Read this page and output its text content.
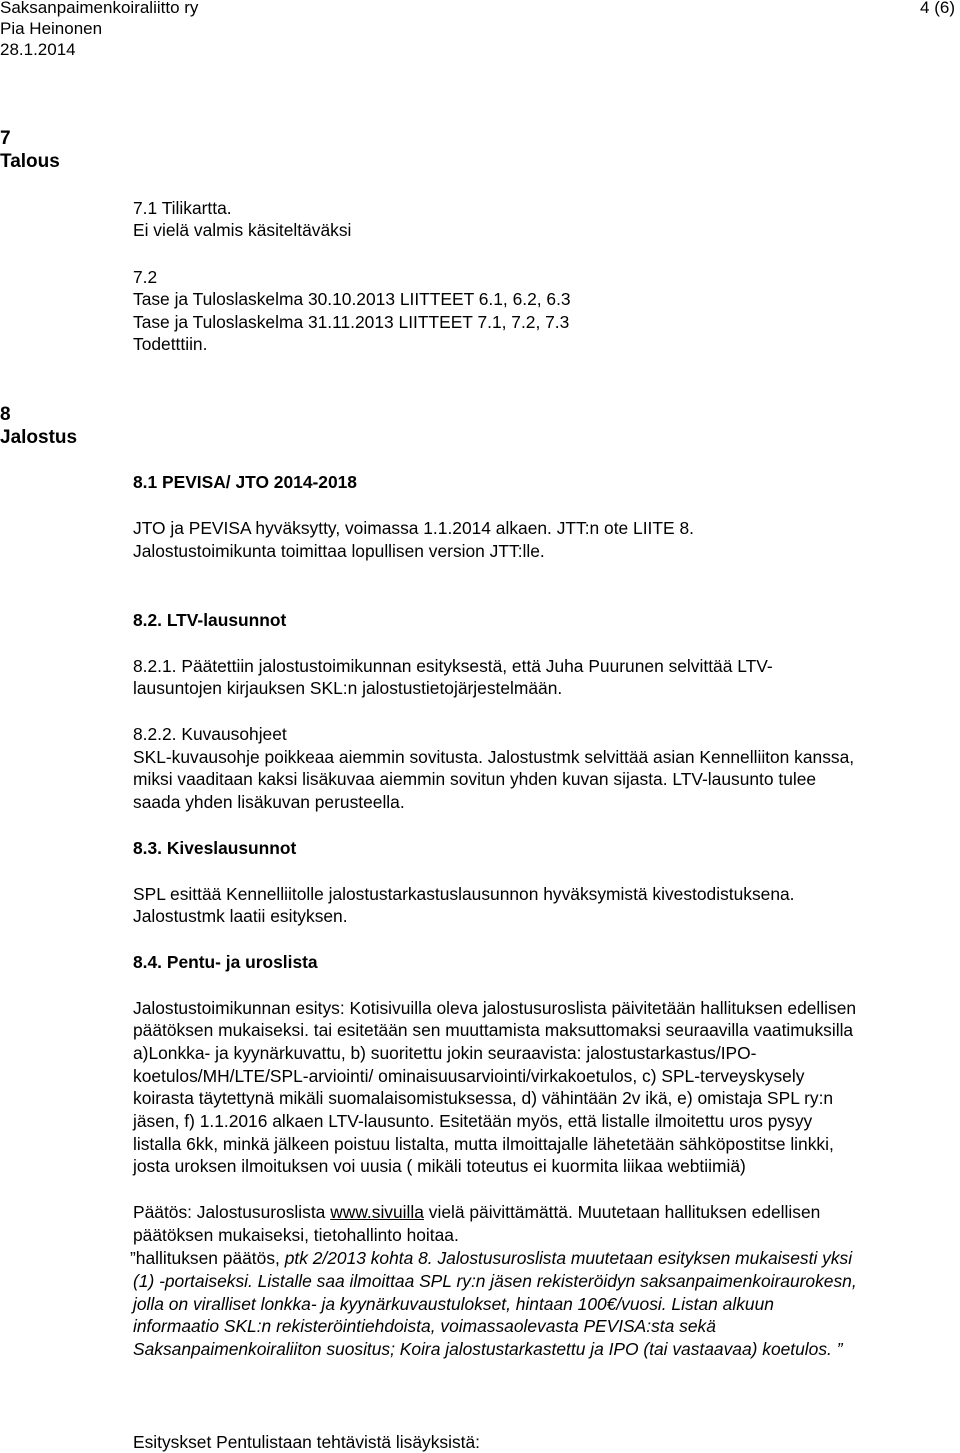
Saksanpaimenkoiraliitto ry
Pia Heinonen
28.1.2014
4 (6)
7
Talous
7.1 Tilikartta.
Ei vielä valmis käsiteltäväksi
7.2
Tase ja Tuloslaskelma 30.10.2013 LIITTEET 6.1, 6.2, 6.3
Tase ja Tuloslaskelma 31.11.2013 LIITTEET 7.1, 7.2, 7.3
Todetttiin.
8
Jalostus
8.1 PEVISA/ JTO 2014-2018
JTO ja PEVISA hyväksytty, voimassa 1.1.2014 alkaen. JTT:n ote LIITE 8.
Jalostustoimikunta toimittaa lopullisen version JTT:lle.
8.2. LTV-lausunnot
8.2.1. Päätettiin jalostustoimikunnan esityksestä, että Juha Puurunen selvittää LTV-
lausuntojen kirjauksen SKL:n jalostustietojärjestelmään.
8.2.2. Kuvausohjeet
SKL-kuvausohje poikkeaa aiemmin sovitusta. Jalostustmk selvittää asian Kennelliiton kanssa,
miksi vaaditaan kaksi lisäkuvaa aiemmin sovitun yhden kuvan sijasta. LTV-lausunto tulee
saada yhden lisäkuvan perusteella.
8.3. Kiveslausunnot
SPL esittää Kennelliitolle jalostustarkastuslausunnon hyväksymistä kivestodistuksena.
Jalostustmk laatii esityksen.
8.4. Pentu- ja uroslista
Jalostustoimikunnan esitys: Kotisivuilla oleva jalostusuroslista päivitetään hallituksen edellisen
päätöksen mukaiseksi. tai esitetään sen muuttamista maksuttomaksi seuraavilla vaatimuksilla
a)Lonkka- ja kyynärkuvattu, b) suoritettu jokin seuraavista: jalostustarkastus/IPO-
koetulos/MH/LTE/SPL-arviointi/ ominaisuusarviointi/virkakoetulos, c) SPL-terveyskysely
koirasta täytettynä mikäli suomalaisomistuksessa, d) vähintään 2v ikä, e) omistaja SPL ry:n
jäsen, f) 1.1.2016 alkaen LTV-lausunto. Esitetään myös, että listalle ilmoitettu uros pysyy
listalla 6kk, minkä jälkeen poistuu listalta, mutta ilmoittajalle lähetetään sähköpostitse linkki,
josta uroksen ilmoituksen voi uusia ( mikäli toteutus ei kuormita liikaa webtiimiä)
Päätös: Jalostusuroslista www.sivuilla vielä päivittämättä. Muutetaan hallituksen edellisen
päätöksen mukaiseksi, tietohallinto hoitaa.
”hallituksen päätös, ptk 2/2013 kohta 8. Jalostusuroslista muutetaan esityksen mukaisesti yksi
(1) -portaiseksi. Listalle saa ilmoittaa SPL ry:n jäsen rekisteröidyn saksanpaimenkoiraurokesn,
jolla on viralliset lonkka- ja kyynärkuvaustulokset, hintaan 100€/vuosi. Listan alkuun
informaatio SKL:n rekisteröintiehdoista, voimassaolevasta PEVISA:sta sekä
Saksanpaimenkoiraliiton suositus; Koira jalostustarkastettu ja IPO (tai vastaavaa) koetulos. ”
Esityskset Pentulistaan tehtävistä lisäyksistä:
